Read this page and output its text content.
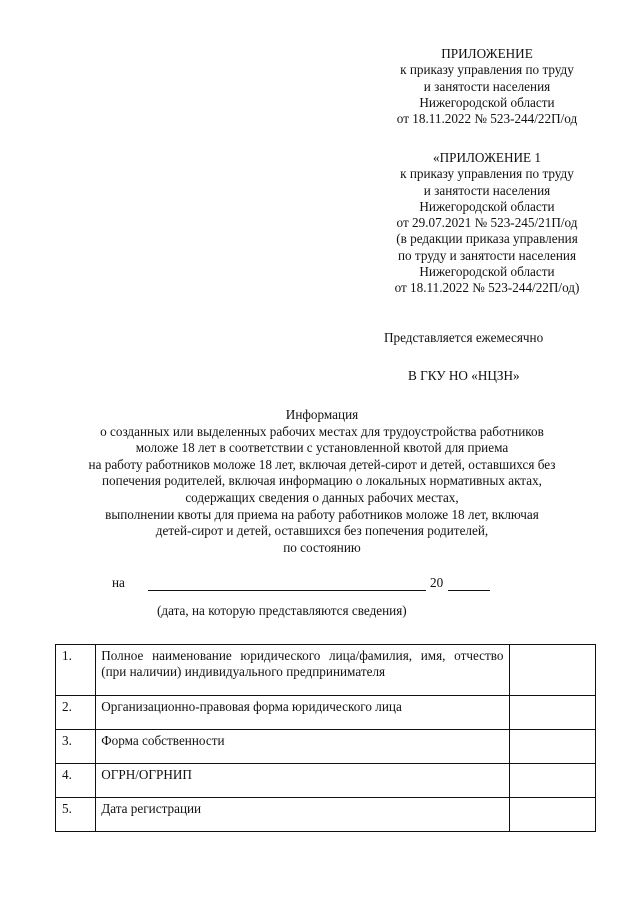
ПРИЛОЖЕНИЕ
к приказу управления по труду
и занятости населения
Нижегородской области
от 18.11.2022 № 523-244/22П/од
«ПРИЛОЖЕНИЕ 1
к приказу управления по труду
и занятости населения
Нижегородской области
от 29.07.2021 № 523-245/21П/од
(в редакции приказа управления
по труду и занятости населения
Нижегородской области
от 18.11.2022 № 523-244/22П/од)
Представляется ежемесячно
В ГКУ НО «НЦЗН»
Информация
о созданных или выделенных рабочих местах для трудоустройства работников
моложе 18 лет в соответствии с установленной квотой для приема
на работу работников моложе 18 лет, включая детей-сирот и детей, оставшихся без
попечения родителей, включая информацию о локальных нормативных актах,
содержащих сведения о данных рабочих местах,
выполнении квоты для приема на работу работников моложе 18 лет, включая
детей-сирот и детей, оставшихся без попечения родителей,
по состоянию
на	20
(дата, на которую представляются сведения)
1.	Полное наименование юридического лица/фамилия, имя, отчество (при наличии) индивидуального предпринимателя	
2.	Организационно-правовая форма юридического лица	
3.	Форма собственности	
4.	ОГРН/ОГРНИП	
5.	Дата регистрации	
